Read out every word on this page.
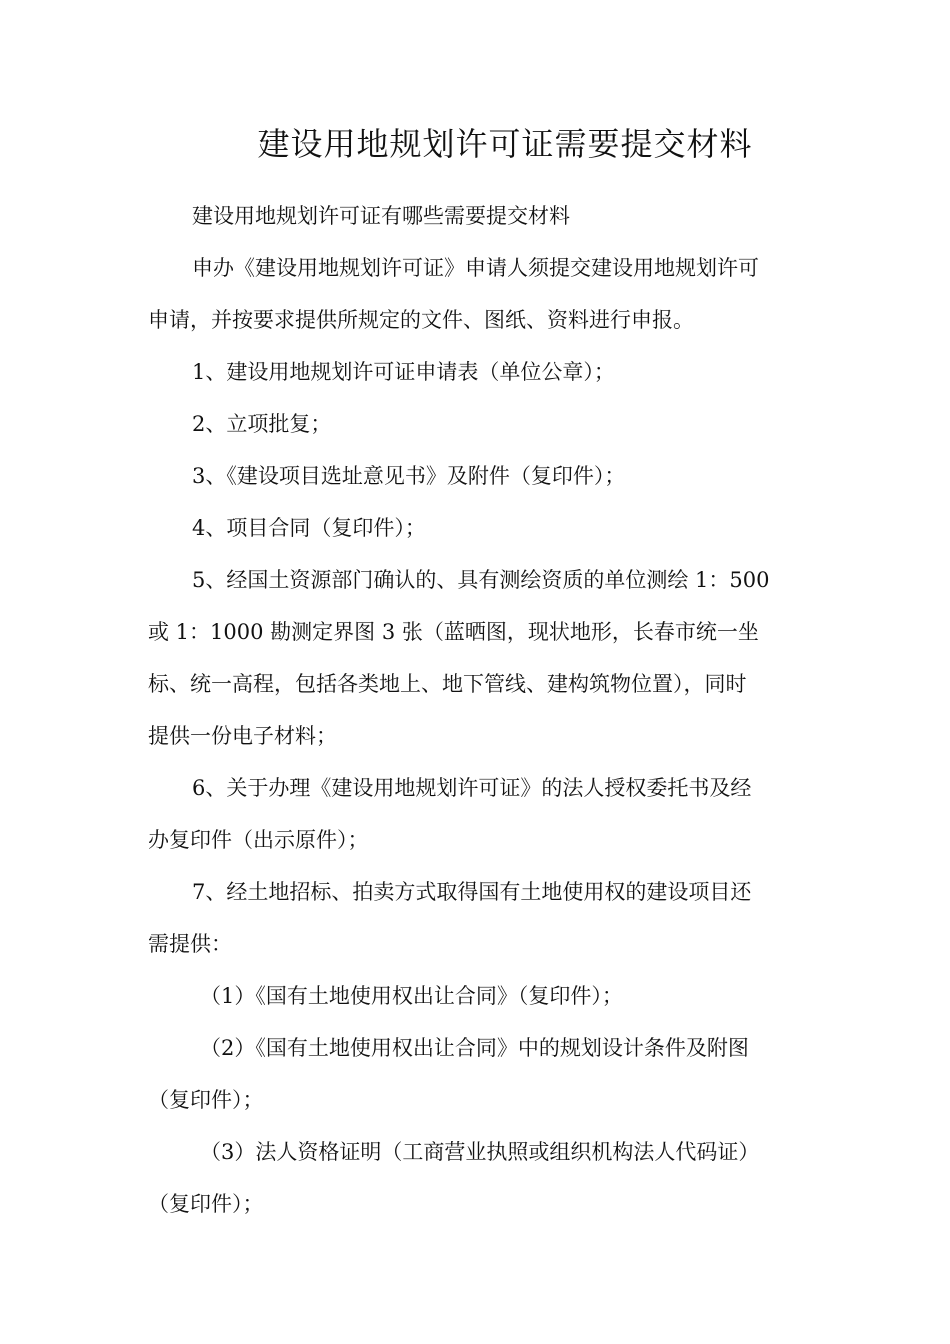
建设用地规划许可证需要提交材料

建设用地规划许可证有哪些需要提交材料

申办《建设用地规划许可证》申请人须提交建设用地规划许可
申请，并按要求提供所规定的文件、图纸、资料进行申报。

1、建设用地规划许可证申请表（单位公章）；

2、立项批复；

3、《建设项目选址意见书》及附件（复印件）；

4、项目合同（复印件）；

5、经国土资源部门确认的、具有测绘资质的单位测绘 1：500
或 1：1000 勘测定界图 3 张（蓝晒图，现状地形，长春市统一坐
标、统一高程，包括各类地上、地下管线、建构筑物位置），同时
提供一份电子材料；

6、关于办理《建设用地规划许可证》的法人授权委托书及经
办复印件（出示原件）；

7、经土地招标、拍卖方式取得国有土地使用权的建设项目还
需提供：

（1）《国有土地使用权出让合同》（复印件）；

（2）《国有土地使用权出让合同》中的规划设计条件及附图
（复印件）；

（3）法人资格证明（工商营业执照或组织机构法人代码证）
（复印件）；
